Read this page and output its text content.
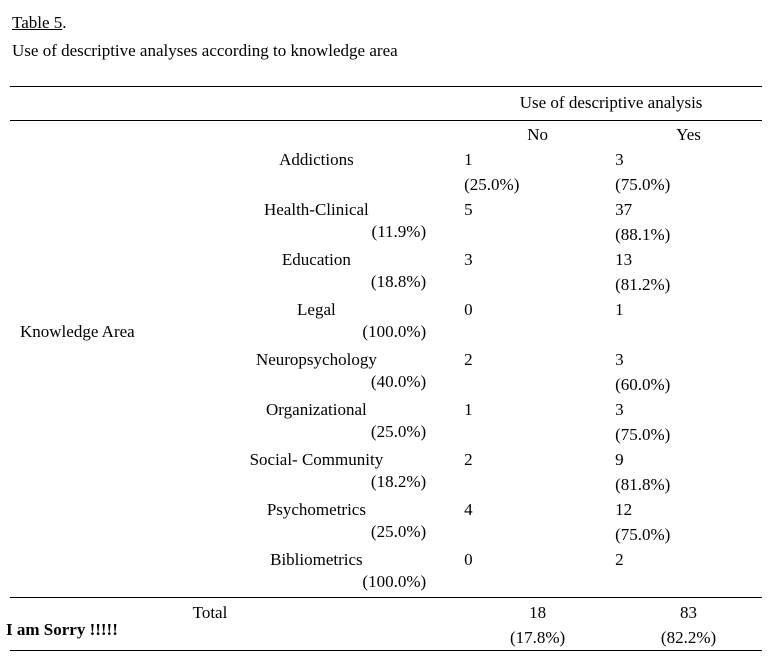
Table 5.
Use of descriptive analyses according to knowledge area
		Use of descriptive analysis	
		No	Yes

Knowledge Area	Addictions	1	3
		(25.0%)	(75.0%)
	Health-Clinical	5	37
	(11.9%)		(88.1%)
	Education	3	13
	(18.8%)		(81.2%)
	Legal	0	1
	(100.0%)		
	Neuropsychology	2	3
	(40.0%)		(60.0%)
	Organizational	1	3
	(25.0%)		(75.0%)
	Social- Community	2	9
	(18.2%)		(81.8%)
	Psychometrics	4	12
	(25.0%)		(75.0%)
	Bibliometrics	0	2
	(100.0%)		
	Total	18	83
		(17.8%)	(82.2%)

I am Sorry !!!!!
